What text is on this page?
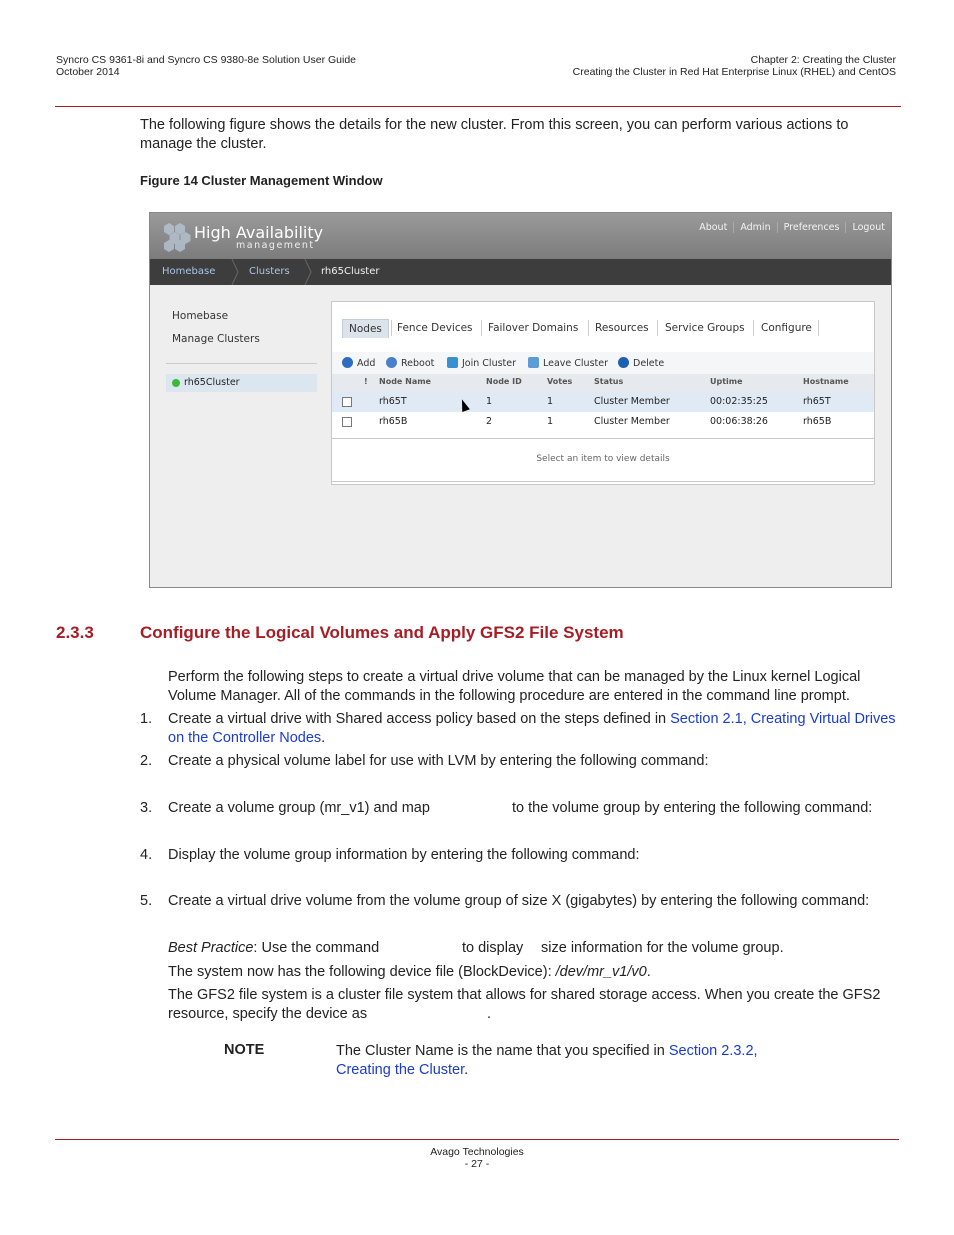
Syncro CS 9361-8i and Syncro CS 9380-8e Solution User Guide
October 2014
Chapter 2: Creating the Cluster
Creating the Cluster in Red Hat Enterprise Linux (RHEL) and CentOS
The following figure shows the details for the new cluster. From this screen, you can perform various actions to
manage the cluster.
Figure 14 Cluster Management Window
High Availability
management
About	Admin	Preferences	Logout
Homebase	Clusters	rh65Cluster
Homebase
Manage Clusters
rh65Cluster
Nodes	Fence Devices	Failover Domains	Resources	Service Groups	Configure
Add	Reboot	Join Cluster	Leave Cluster	Delete
! Node Name	Node ID	Votes	Status	Uptime	Hostname
rh65T	1	1	Cluster Member	00:02:35:25	rh65T
rh65B	2	1	Cluster Member	00:06:38:26	rh65B
Select an item to view details
2.3.3	Configure the Logical Volumes and Apply GFS2 File System
Perform the following steps to create a virtual drive volume that can be managed by the Linux kernel Logical
Volume Manager. All of the commands in the following procedure are entered in the command line prompt.
1. Create a virtual drive with Shared access policy based on the steps defined in Section 2.1, Creating Virtual Drives
on the Controller Nodes.
2. Create a physical volume label for use with LVM by entering the following command:
3. Create a volume group (mr_v1) and map	to the volume group by entering the following command:
4. Display the volume group information by entering the following command:
5. Create a virtual drive volume from the volume group of size X (gigabytes) by entering the following command:
Best Practice: Use the command	to display size information for the volume group.
The system now has the following device file (BlockDevice): /dev/mr_v1/v0.
The GFS2 file system is a cluster file system that allows for shared storage access. When you create the GFS2
resource, specify the device as	.
NOTE	The Cluster Name is the name that you specified in Section 2.3.2,
Creating the Cluster.
Avago Technologies
- 27 -
